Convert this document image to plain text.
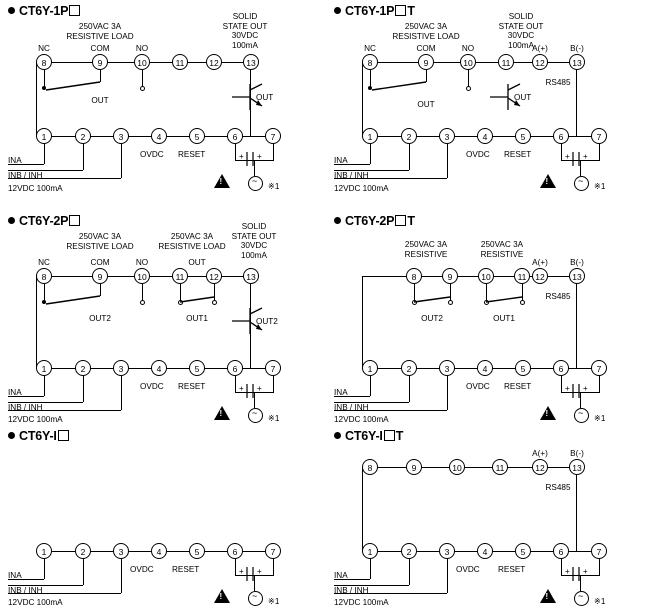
CT6Y-1P
250VAC 3A
RESISTIVE LOAD
SOLID
STATE OUT
30VDC
100mA
NC	COM	NO
8	9	10	11	12	13
OUT	OUT
1	2	3	4	5	6	7
OVDC RESET
INA
INB / INH
12VDC 100mA
+ +
~
!
※1
CT6Y-1P T
250VAC 3A
RESISTIVE LOAD
SOLID
STATE OUT
30VDC
100mA
NC	COM	NO	A(+)	B(-)
RS485
8	9	10	11	12	13
OUT
OUT
1	2	3	4	5	6	7
OVDC RESET
INA
INB / INH
12VDC 100mA
+ +
~
!
※1
CT6Y-2P
250VAC 3A
RESISTIVE LOAD
250VAC 3A
RESISTIVE LOAD
SOLID
STATE OUT
30VDC
100mA
NC	COM	NO
8	9	10	11	12	13
OUT2	OUT1
OUT
OUT2
1	2	3	4	5	6	7
OVDC RESET
INA
INB / INH
12VDC 100mA
+ +
~
!
※1
CT6Y-2P T
250VAC 3A
RESISTIVE
250VAC 3A
RESISTIVE
A(+)	B(-)
RS485
8	9	10	11	12	13
OUT2	OUT1
1	2	3	4	5	6	7
OVDC RESET
INA
INB / INH
12VDC 100mA
+ +
~
!
※1
CT6Y-I
1	2	3	4	5	6	7
OVDC RESET
INA
INB / INH
12VDC 100mA
+ +
~
!
※1
CT6Y-I T
A(+)	B(-)
RS485
8	9	10	11	12	13
1	2	3	4	5	6	7
OVDC RESET
INA
INB / INH
12VDC 100mA
+ +
~
!
※1
